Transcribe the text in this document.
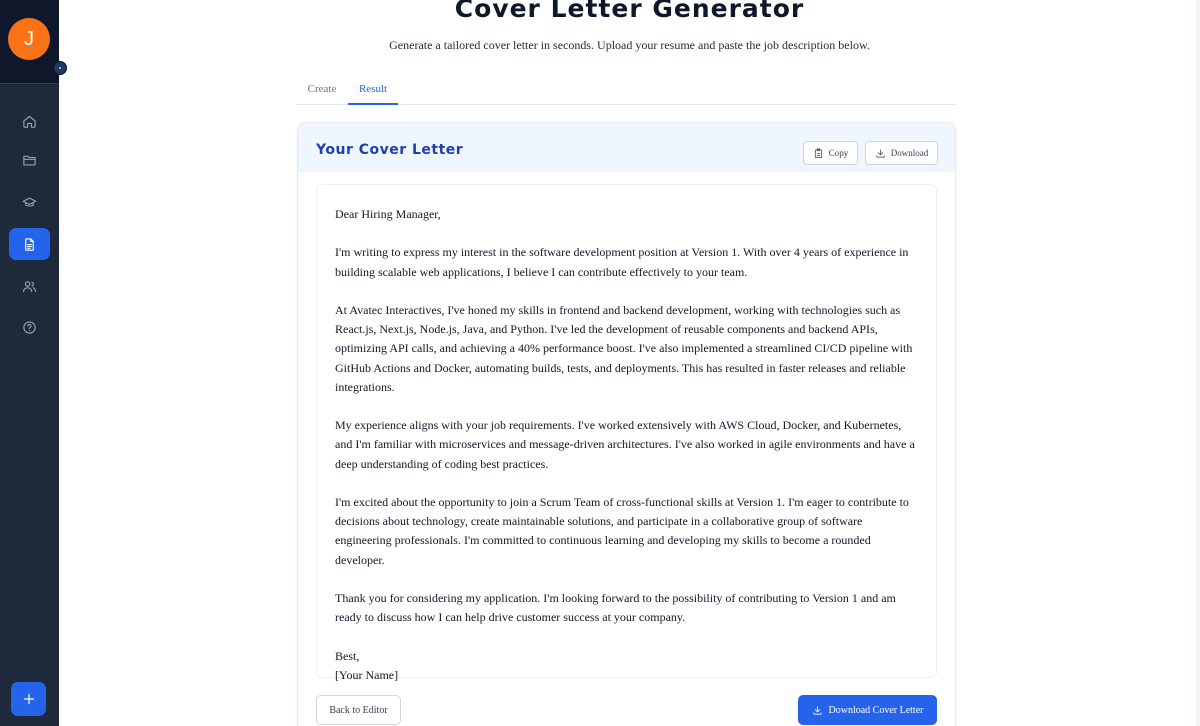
J
Cover Letter Generator

Generate a tailored cover letter in seconds. Upload your resume and paste the job description below.

Create	Result
Your Cover Letter	Copy	Download

Dear Hiring Manager,

I'm writing to express my interest in the software development position at Version 1. With over 4 years of experience in building scalable web applications, I believe I can contribute effectively to your team.

At Avatec Interactives, I've honed my skills in frontend and backend development, working with technologies such as React.js, Next.js, Node.js, Java, and Python. I've led the development of reusable components and backend APIs, optimizing API calls, and achieving a 40% performance boost. I've also implemented a streamlined CI/CD pipeline with GitHub Actions and Docker, automating builds, tests, and deployments. This has resulted in faster releases and reliable integrations.

My experience aligns with your job requirements. I've worked extensively with AWS Cloud, Docker, and Kubernetes, and I'm familiar with microservices and message-driven architectures. I've also worked in agile environments and have a deep understanding of coding best practices.

I'm excited about the opportunity to join a Scrum Team of cross-functional skills at Version 1. I'm eager to contribute to decisions about technology, create maintainable solutions, and participate in a collaborative group of software engineering professionals. I'm committed to continuous learning and developing my skills to become a rounded developer.

Thank you for considering my application. I'm looking forward to the possibility of contributing to Version 1 and am ready to discuss how I can help drive customer success at your company.

Best,

[Your Name]

Back to Editor	Download Cover Letter
